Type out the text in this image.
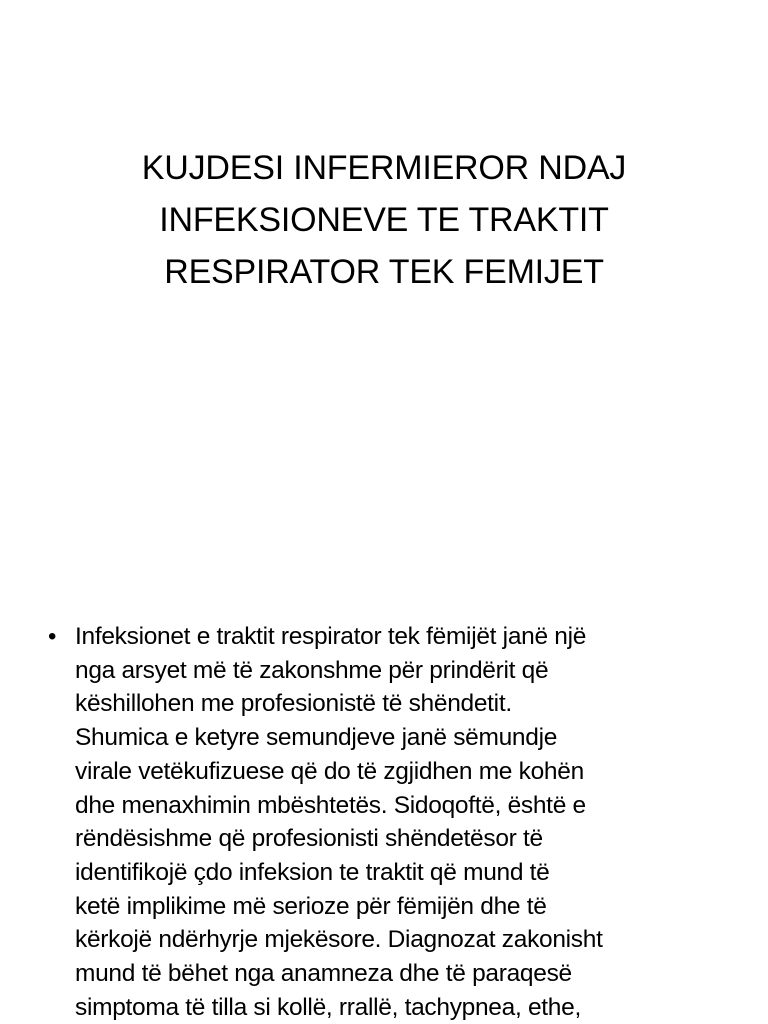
KUJDESI INFERMIEROR NDAJ
INFEKSIONEVE TE TRAKTIT
RESPIRATOR TEK FEMIJET
• Infeksionet e traktit respirator tek fëmijët janë një
nga arsyet më të zakonshme për prindërit që
këshillohen me profesionistë të shëndetit.
Shumica e ketyre semundjeve janë sëmundje
virale vetëkufizuese që do të zgjidhen me kohën
dhe menaxhimin mbështetës. Sidoqoftë, është e
rëndësishme që profesionisti shëndetësor të
identifikojë çdo infeksion te traktit që mund të
ketë implikime më serioze për fëmijën dhe të
kërkojë ndërhyrje mjekësore. Diagnozat zakonisht
mund të bëhet nga anamneza dhe të paraqesë
simptoma të tilla si kollë, rrallë, tachypnea, ethe,
